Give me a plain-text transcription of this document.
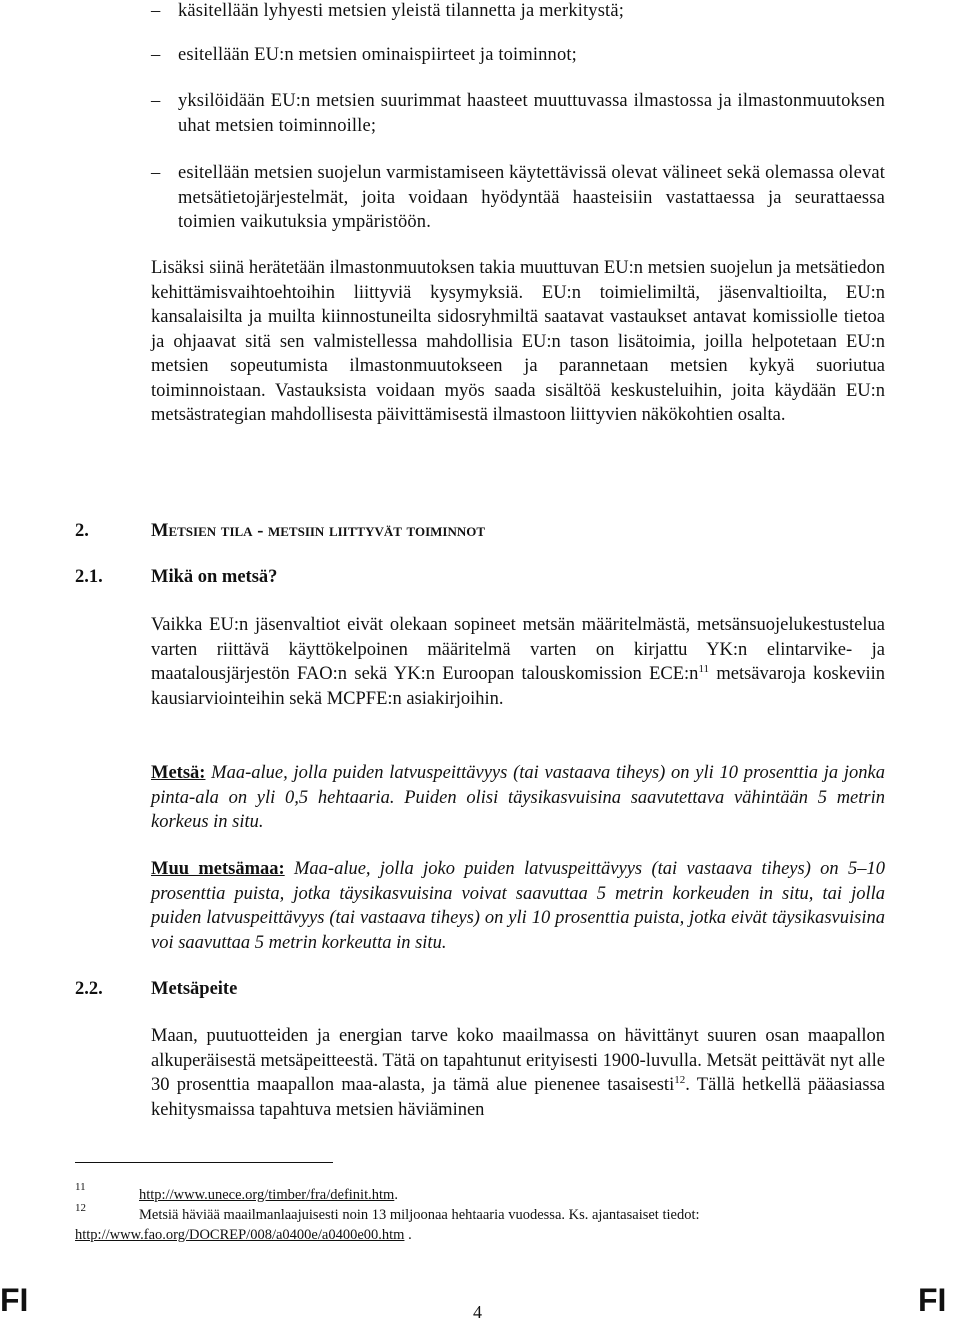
– käsitellään lyhyesti metsien yleistä tilannetta ja merkitystä;
– esitellään EU:n metsien ominaispiirteet ja toiminnot;
– yksilöidään EU:n metsien suurimmat haasteet muuttuvassa ilmastossa ja ilmastonmuutoksen uhat metsien toiminnoille;
– esitellään metsien suojelun varmistamiseen käytettävissä olevat välineet sekä olemassa olevat metsätietojärjestelmät, joita voidaan hyödyntää haasteisiin vastattaessa ja seurattaessa toimien vaikutuksia ympäristöön.
Lisäksi siinä herätetään ilmastonmuutoksen takia muuttuvan EU:n metsien suojelun ja metsätiedon kehittämisvaihtoehtoihin liittyviä kysymyksiä. EU:n toimielimiltä, jäsenvaltioilta, EU:n kansalaisilta ja muilta kiinnostuneilta sidosryhmiltä saatavat vastaukset antavat komissiolle tietoa ja ohjaavat sitä sen valmistellessa mahdollisia EU:n tason lisätoimia, joilla helpotetaan EU:n metsien sopeutumista ilmastonmuutokseen ja parannetaan metsien kykyä suoriutua toiminnoistaan. Vastauksista voidaan myös saada sisältöä keskusteluihin, joita käydään EU:n metsästrategian mahdollisesta päivittämisestä ilmastoon liittyvien näkökohtien osalta.
2.	Metsien tila - metsiin liittyvät toiminnot
2.1.	Mikä on metsä?
Vaikka EU:n jäsenvaltiot eivät olekaan sopineet metsän määritelmästä, metsänsuojelukestustelua varten riittävä käyttökelpoinen määritelmä varten on kirjattu YK:n elintarvike- ja maatalousjärjestön FAO:n sekä YK:n Euroopan talouskomission $ECE:n^{11}$ metsävaroja koskeviin kausiarviointeihin sekä MCPFE:n asiakirjoihin.
Metsä: Maa-alue, jolla puiden latvuspeittävyys (tai vastaava tiheys) on yli 10 prosenttia ja jonka pinta-ala on yli 0,5 hehtaaria. Puiden olisi täysikasvuisina saavutettava vähintään 5 metrin korkeus in situ.
Muu metsämaa: Maa-alue, jolla joko puiden latvuspeittävyys (tai vastaava tiheys) on 5–10 prosenttia puista, jotka täysikasvuisina voivat saavuttaa 5 metrin korkeuden in situ, tai jolla puiden latvuspeittävyys (tai vastaava tiheys) on yli 10 prosenttia puista, jotka eivät täysikasvuisina voi saavuttaa 5 metrin korkeutta in situ.
2.2.	Metsäpeite
Maan, puutuotteiden ja energian tarve koko maailmassa on hävittänyt suuren osan maapallon alkuperäisestä metsäpeitteestä. Tätä on tapahtunut erityisesti 1900-luvulla. Metsät peittävät nyt alle 30 prosenttia maapallon maa-alasta, ja tämä alue pienenee tasaisesti$^{12}$. Tällä hetkellä pääasiassa kehitysmaissa tapahtuva metsien häviäminen
11	http://www.unece.org/timber/fra/definit.htm.
12	Metsiä häviää maailmanlaajuisesti noin 13 miljoonaa hehtaaria vuodessa. Ks. ajantasaiset tiedot:
http://www.fao.org/DOCREP/008/a0400e/a0400e00.htm .
FI	4	FI
